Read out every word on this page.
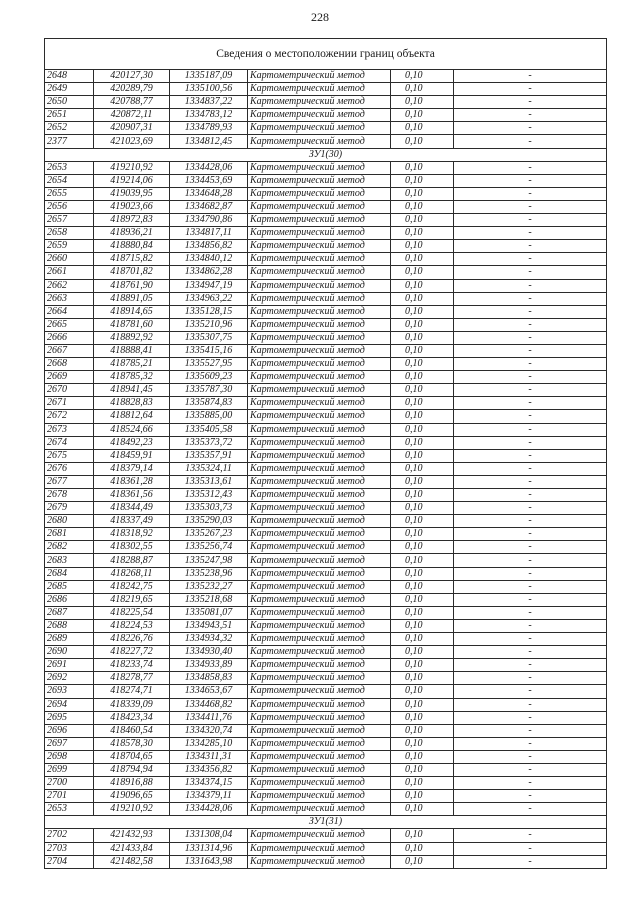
228
Сведения о местоположении границ объекта					
2648	420127,30	1335187,09	Картометрический метод	0,10	-
2649	420289,79	1335100,56	Картометрический метод	0,10	-
2650	420788,77	1334837,22	Картометрический метод	0,10	-
2651	420872,11	1334783,12	Картометрический метод	0,10	-
2652	420907,31	1334789,93	Картометрический метод	0,10	-
2377	421023,69	1334812,45	Картометрический метод	0,10	-
ЗУ1(30)					
2653	419210,92	1334428,06	Картометрический метод	0,10	-
2654	419214,06	1334453,69	Картометрический метод	0,10	-
2655	419039,95	1334648,28	Картометрический метод	0,10	-
2656	419023,66	1334682,87	Картометрический метод	0,10	-
2657	418972,83	1334790,86	Картометрический метод	0,10	-
2658	418936,21	1334817,11	Картометрический метод	0,10	-
2659	418880,84	1334856,82	Картометрический метод	0,10	-
2660	418715,82	1334840,12	Картометрический метод	0,10	-
2661	418701,82	1334862,28	Картометрический метод	0,10	-
2662	418761,90	1334947,19	Картометрический метод	0,10	-
2663	418891,05	1334963,22	Картометрический метод	0,10	-
2664	418914,65	1335128,15	Картометрический метод	0,10	-
2665	418781,60	1335210,96	Картометрический метод	0,10	-
2666	418892,92	1335307,75	Картометрический метод	0,10	-
2667	418888,41	1335415,16	Картометрический метод	0,10	-
2668	418785,21	1335527,95	Картометрический метод	0,10	-
2669	418785,32	1335609,23	Картометрический метод	0,10	-
2670	418941,45	1335787,30	Картометрический метод	0,10	-
2671	418828,83	1335874,83	Картометрический метод	0,10	-
2672	418812,64	1335885,00	Картометрический метод	0,10	-
2673	418524,66	1335405,58	Картометрический метод	0,10	-
2674	418492,23	1335373,72	Картометрический метод	0,10	-
2675	418459,91	1335357,91	Картометрический метод	0,10	-
2676	418379,14	1335324,11	Картометрический метод	0,10	-
2677	418361,28	1335313,61	Картометрический метод	0,10	-
2678	418361,56	1335312,43	Картометрический метод	0,10	-
2679	418344,49	1335303,73	Картометрический метод	0,10	-
2680	418337,49	1335290,03	Картометрический метод	0,10	-
2681	418318,92	1335267,23	Картометрический метод	0,10	-
2682	418302,55	1335256,74	Картометрический метод	0,10	-
2683	418288,87	1335247,98	Картометрический метод	0,10	-
2684	418268,11	1335238,96	Картометрический метод	0,10	-
2685	418242,75	1335232,27	Картометрический метод	0,10	-
2686	418219,65	1335218,68	Картометрический метод	0,10	-
2687	418225,54	1335081,07	Картометрический метод	0,10	-
2688	418224,53	1334943,51	Картометрический метод	0,10	-
2689	418226,76	1334934,32	Картометрический метод	0,10	-
2690	418227,72	1334930,40	Картометрический метод	0,10	-
2691	418233,74	1334933,89	Картометрический метод	0,10	-
2692	418278,77	1334858,83	Картометрический метод	0,10	-
2693	418274,71	1334653,67	Картометрический метод	0,10	-
2694	418339,09	1334468,82	Картометрический метод	0,10	-
2695	418423,34	1334411,76	Картометрический метод	0,10	-
2696	418460,54	1334320,74	Картометрический метод	0,10	-
2697	418578,30	1334285,10	Картометрический метод	0,10	-
2698	418704,65	1334311,31	Картометрический метод	0,10	-
2699	418794,94	1334356,82	Картометрический метод	0,10	-
2700	418916,88	1334374,15	Картометрический метод	0,10	-
2701	419096,65	1334379,11	Картометрический метод	0,10	-
2653	419210,92	1334428,06	Картометрический метод	0,10	-
ЗУ1(31)					
2702	421432,93	1331308,04	Картометрический метод	0,10	-
2703	421433,84	1331314,96	Картометрический метод	0,10	-
2704	421482,58	1331643,98	Картометрический метод	0,10	-
